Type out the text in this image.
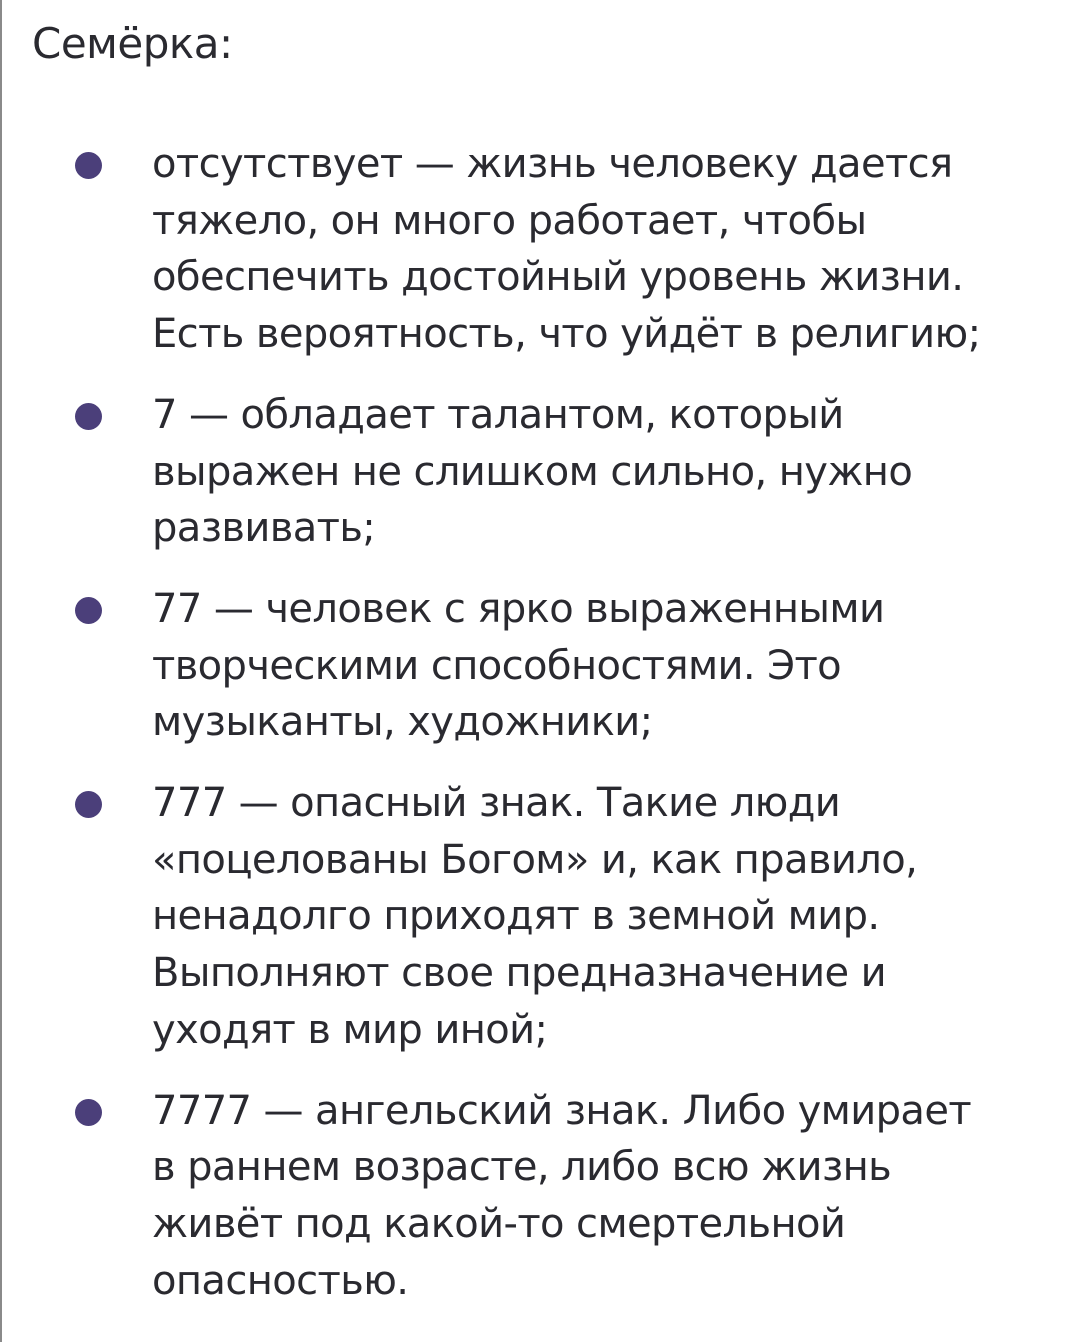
Семёрка:
отсутствует — жизнь человеку дается
тяжело, он много работает, чтобы
обеспечить достойный уровень жизни.
Есть вероятность, что уйдёт в религию;
7 — обладает талантом, который
выражен не слишком сильно, нужно
развивать;
77 — человек с ярко выраженными
творческими способностями. Это
музыканты, художники;
777 — опасный знак. Такие люди
«поцелованы Богом» и, как правило,
ненадолго приходят в земной мир.
Выполняют свое предназначение и
уходят в мир иной;
7777 — ангельский знак. Либо умирает
в раннем возрасте, либо всю жизнь
живёт под какой-то смертельной
опасностью.
